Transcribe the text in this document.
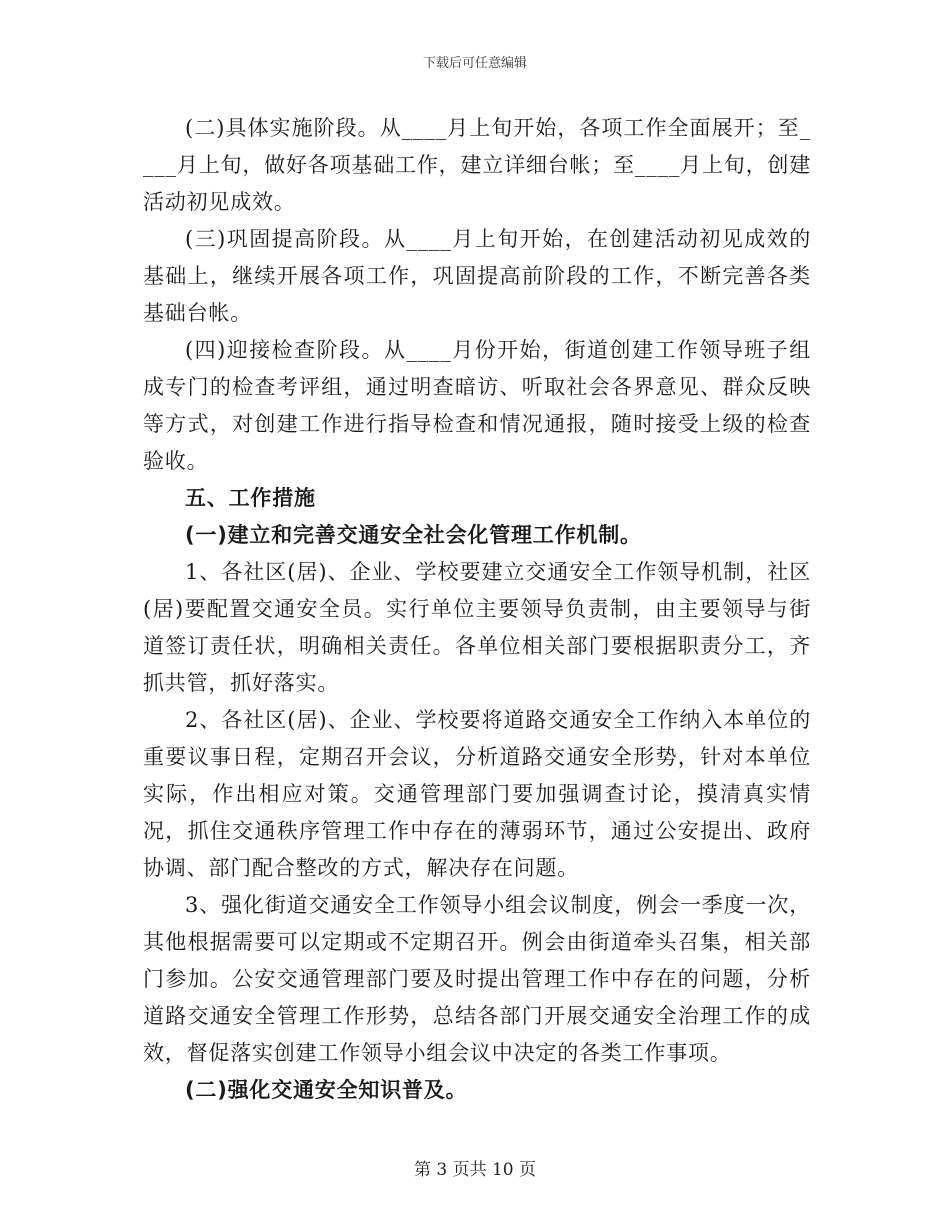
下载后可任意编辑

(二)具体实施阶段。从____月上旬开始，各项工作全面展开；至____月上旬，做好各项基础工作，建立详细台帐；至____月上旬，创建活动初见成效。

(三)巩固提高阶段。从____月上旬开始，在创建活动初见成效的基础上，继续开展各项工作，巩固提高前阶段的工作，不断完善各类基础台帐。

(四)迎接检查阶段。从____月份开始，街道创建工作领导班子组成专门的检查考评组，通过明查暗访、听取社会各界意见、群众反映等方式，对创建工作进行指导检查和情况通报，随时接受上级的检查验收。

五、工作措施

(一)建立和完善交通安全社会化管理工作机制。

1、各社区(居)、企业、学校要建立交通安全工作领导机制，社区(居)要配置交通安全员。实行单位主要领导负责制，由主要领导与街道签订责任状，明确相关责任。各单位相关部门要根据职责分工，齐抓共管，抓好落实。

2、各社区(居)、企业、学校要将道路交通安全工作纳入本单位的重要议事日程，定期召开会议，分析道路交通安全形势，针对本单位实际，作出相应对策。交通管理部门要加强调查讨论，摸清真实情况，抓住交通秩序管理工作中存在的薄弱环节，通过公安提出、政府协调、部门配合整改的方式，解决存在问题。

3、强化街道交通安全工作领导小组会议制度，例会一季度一次，其他根据需要可以定期或不定期召开。例会由街道牵头召集，相关部门参加。公安交通管理部门要及时提出管理工作中存在的问题，分析道路交通安全管理工作形势，总结各部门开展交通安全治理工作的成效，督促落实创建工作领导小组会议中决定的各类工作事项。

(二)强化交通安全知识普及。

第 3 页共 10 页
